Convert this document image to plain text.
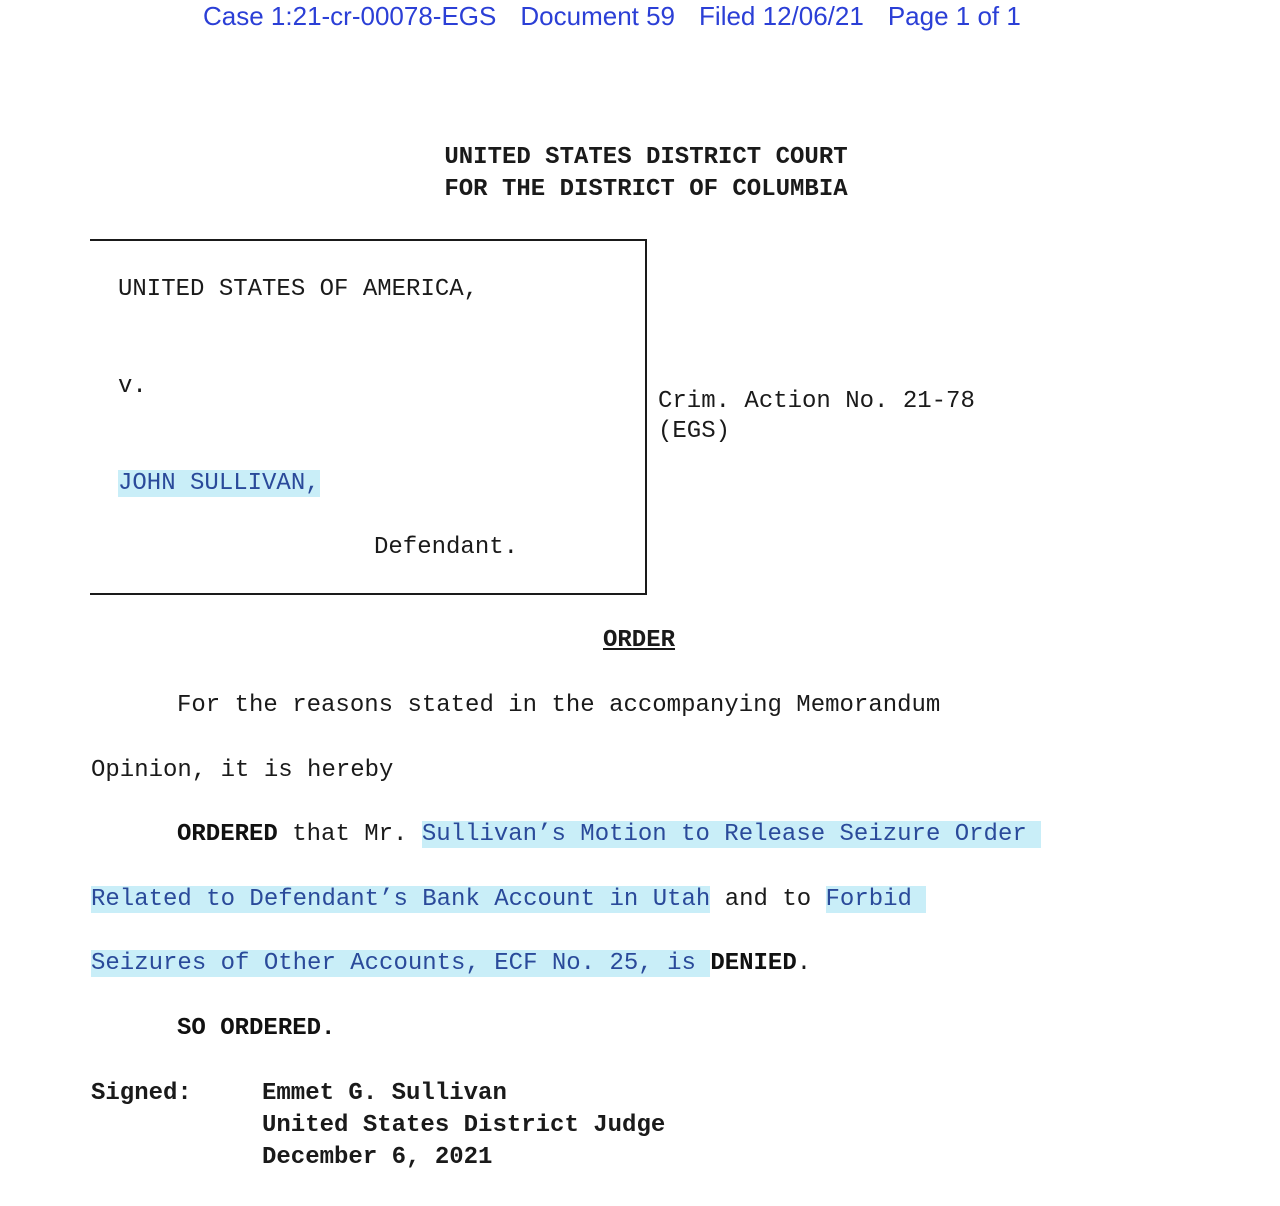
Case 1:21-cr-00078-EGS Document 59 Filed 12/06/21 Page 1 of 1
UNITED STATES DISTRICT COURT
FOR THE DISTRICT OF COLUMBIA
UNITED STATES OF AMERICA,
v.
JOHN SULLIVAN,
Defendant.
Crim. Action No. 21-78
(EGS)
ORDER
For the reasons stated in the accompanying Memorandum
Opinion, it is hereby
ORDERED that Mr. Sullivan’s Motion to Release Seizure Order
Related to Defendant’s Bank Account in Utah and to Forbid
Seizures of Other Accounts, ECF No. 25, is DENIED.
SO ORDERED.
Signed:	Emmet G. Sullivan
United States District Judge
December 6, 2021
